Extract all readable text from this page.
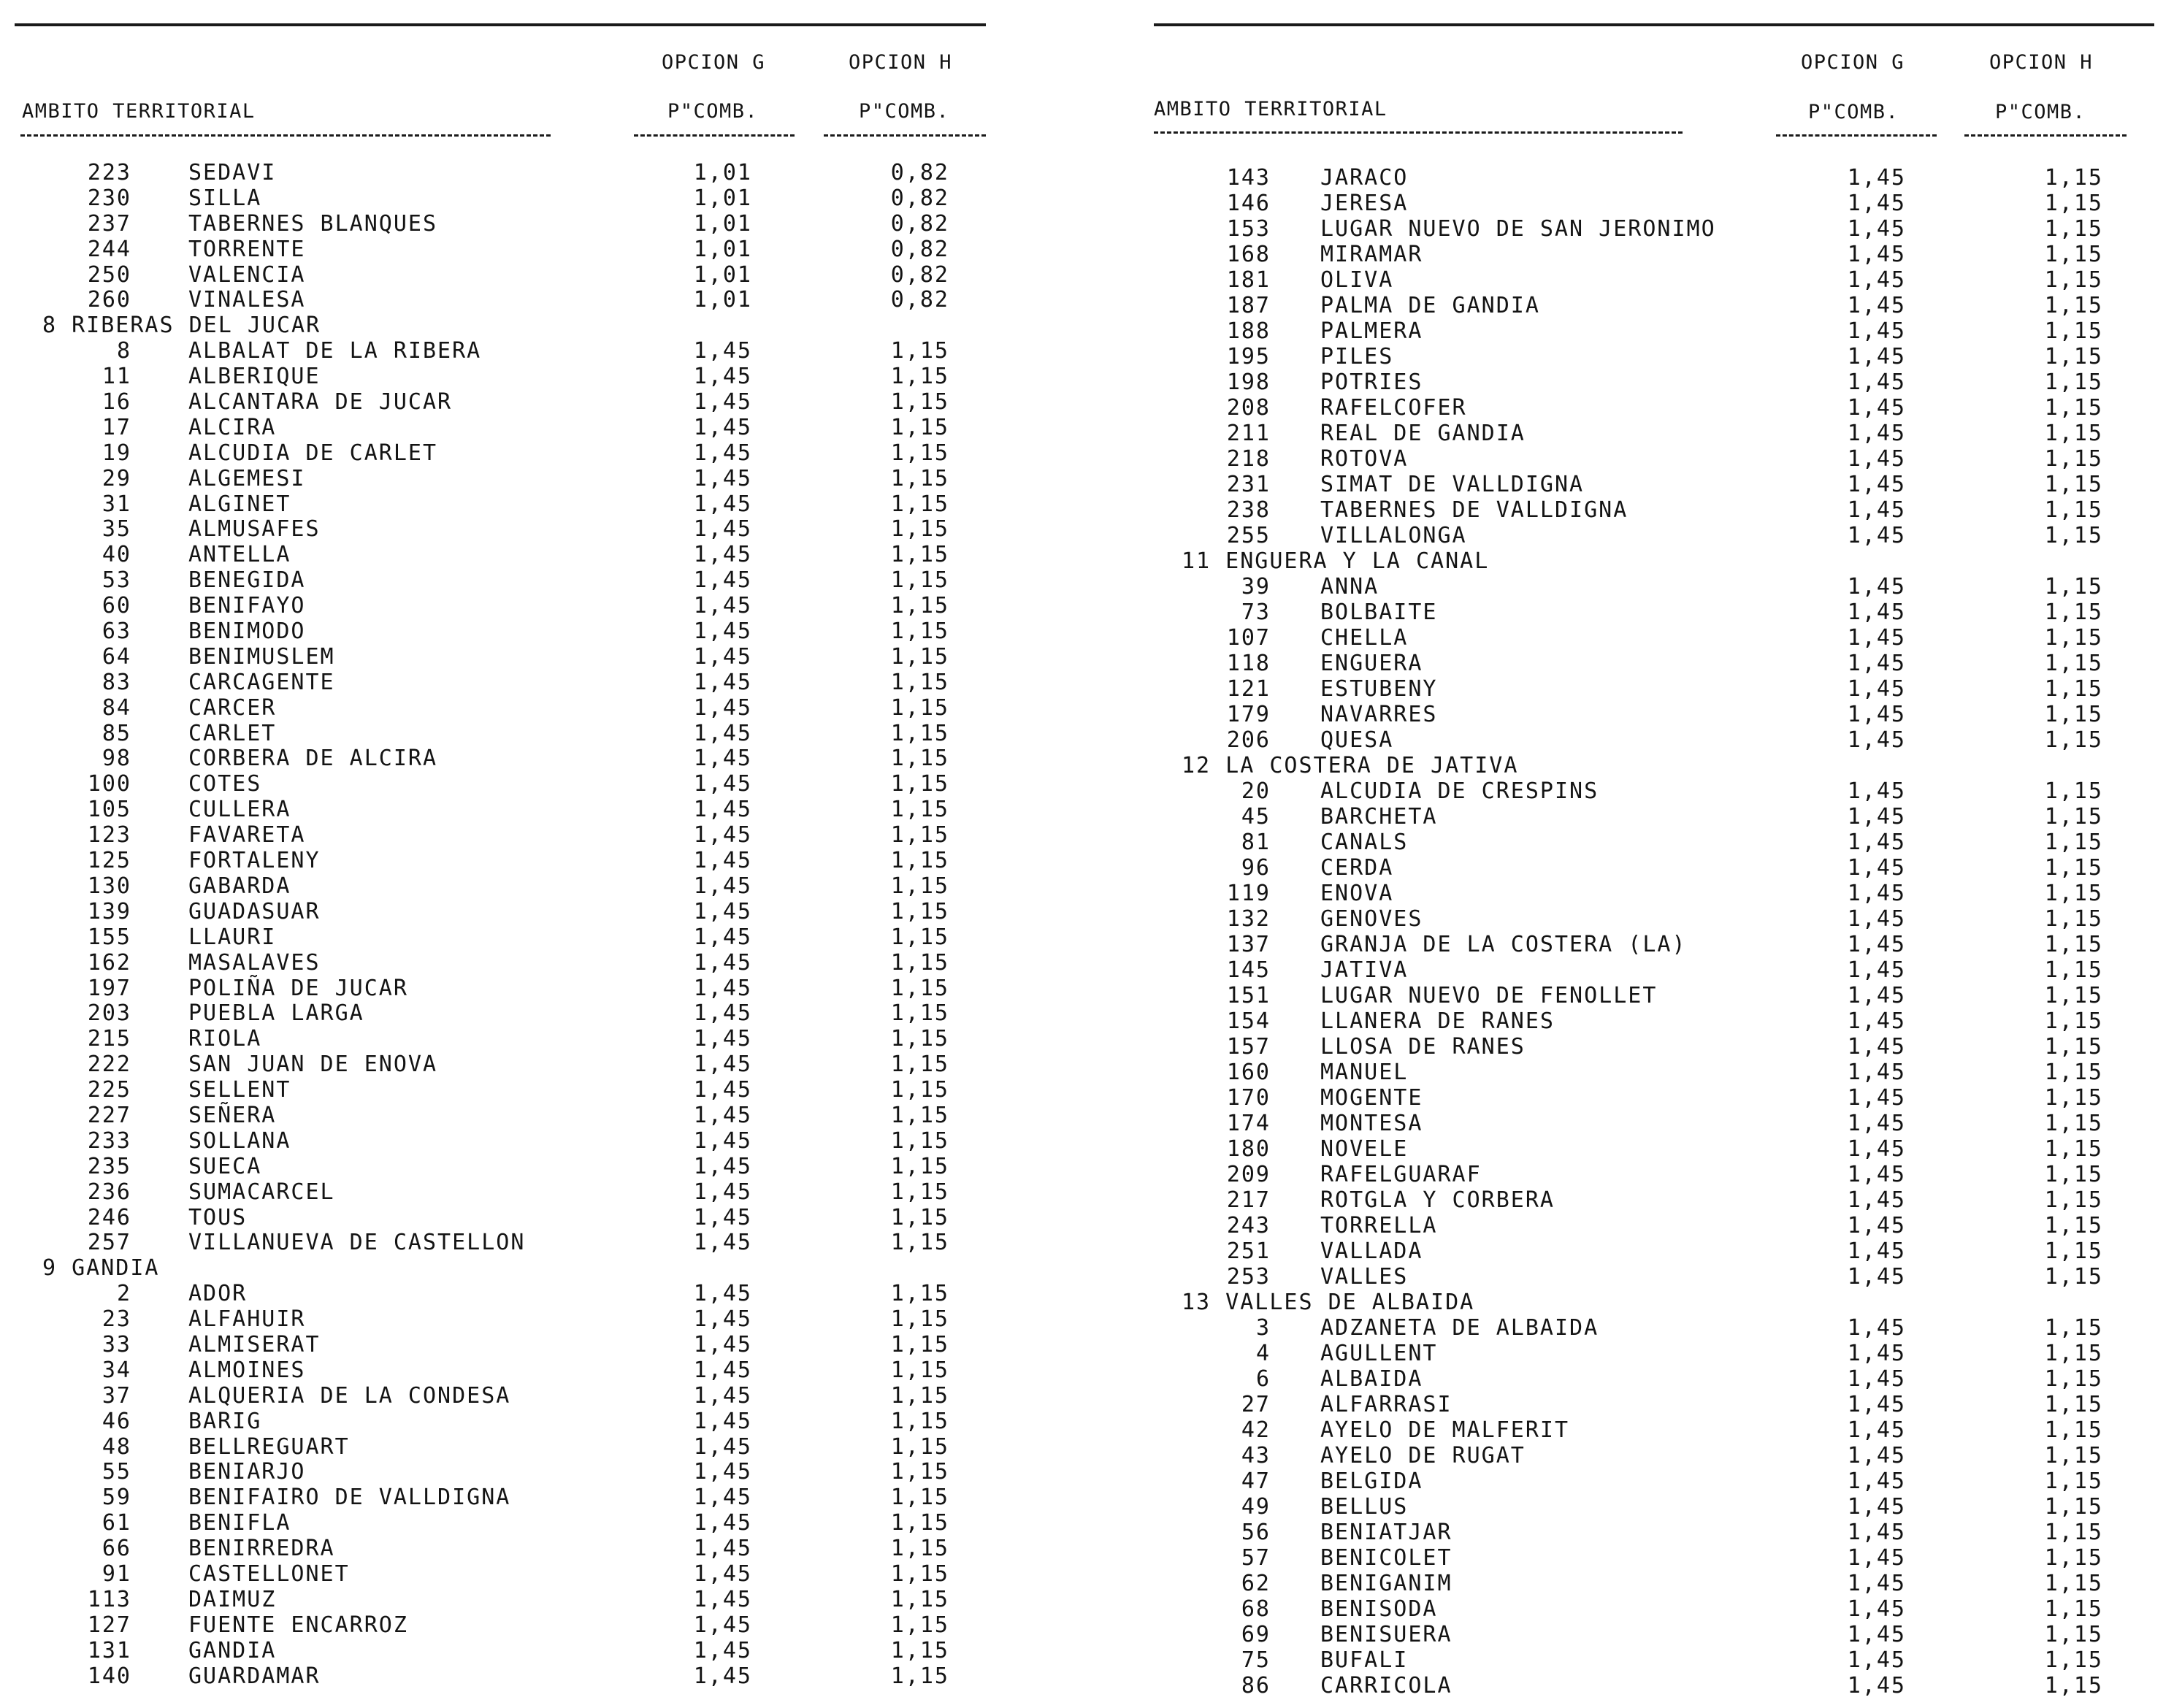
OPCION G	OPCION H
AMBITO TERRITORIAL	P"COMB.	P"COMB.
223	SEDAVI	1,01	0,82
230	SILLA	1,01	0,82
237	TABERNES BLANQUES	1,01	0,82
244	TORRENTE	1,01	0,82
250	VALENCIA	1,01	0,82
260	VINALESA	1,01	0,82
8 RIBERAS DEL JUCAR
8	ALBALAT DE LA RIBERA	1,45	1,15
11	ALBERIQUE	1,45	1,15
16	ALCANTARA DE JUCAR	1,45	1,15
17	ALCIRA	1,45	1,15
19	ALCUDIA DE CARLET	1,45	1,15
29	ALGEMESI	1,45	1,15
31	ALGINET	1,45	1,15
35	ALMUSAFES	1,45	1,15
40	ANTELLA	1,45	1,15
53	BENEGIDA	1,45	1,15
60	BENIFAYO	1,45	1,15
63	BENIMODO	1,45	1,15
64	BENIMUSLEM	1,45	1,15
83	CARCAGENTE	1,45	1,15
84	CARCER	1,45	1,15
85	CARLET	1,45	1,15
98	CORBERA DE ALCIRA	1,45	1,15
100	COTES	1,45	1,15
105	CULLERA	1,45	1,15
123	FAVARETA	1,45	1,15
125	FORTALENY	1,45	1,15
130	GABARDA	1,45	1,15
139	GUADASUAR	1,45	1,15
155	LLAURI	1,45	1,15
162	MASALAVES	1,45	1,15
197	POLIÑA DE JUCAR	1,45	1,15
203	PUEBLA LARGA	1,45	1,15
215	RIOLA	1,45	1,15
222	SAN JUAN DE ENOVA	1,45	1,15
225	SELLENT	1,45	1,15
227	SEÑERA	1,45	1,15
233	SOLLANA	1,45	1,15
235	SUECA	1,45	1,15
236	SUMACARCEL	1,45	1,15
246	TOUS	1,45	1,15
257	VILLANUEVA DE CASTELLON	1,45	1,15
9 GANDIA
2	ADOR	1,45	1,15
23	ALFAHUIR	1,45	1,15
33	ALMISERAT	1,45	1,15
34	ALMOINES	1,45	1,15
37	ALQUERIA DE LA CONDESA	1,45	1,15
46	BARIG	1,45	1,15
48	BELLREGUART	1,45	1,15
55	BENIARJO	1,45	1,15
59	BENIFAIRO DE VALLDIGNA	1,45	1,15
61	BENIFLA	1,45	1,15
66	BENIRREDRA	1,45	1,15
91	CASTELLONET	1,45	1,15
113	DAIMUZ	1,45	1,15
127	FUENTE ENCARROZ	1,45	1,15
131	GANDIA	1,45	1,15
140	GUARDAMAR	1,45	1,15
OPCION G	OPCION H
AMBITO TERRITORIAL	P"COMB.	P"COMB.
143 JARACO	1,45	1,15
146 JERESA	1,45	1,15
153 LUGAR NUEVO DE SAN JERONIMO	1,45	1,15
168 MIRAMAR	1,45	1,15
181 OLIVA	1,45	1,15
187 PALMA DE GANDIA	1,45	1,15
188 PALMERA	1,45	1,15
195 PILES	1,45	1,15
198 POTRIES	1,45	1,15
208 RAFELCOFER	1,45	1,15
211 REAL DE GANDIA	1,45	1,15
218 ROTOVA	1,45	1,15
231 SIMAT DE VALLDIGNA	1,45	1,15
238 TABERNES DE VALLDIGNA	1,45	1,15
255 VILLALONGA	1,45	1,15
11 ENGUERA Y LA CANAL
39 ANNA	1,45	1,15
73 BOLBAITE	1,45	1,15
107 CHELLA	1,45	1,15
118 ENGUERA	1,45	1,15
121 ESTUBENY	1,45	1,15
179 NAVARRES	1,45	1,15
206 QUESA	1,45	1,15
12 LA COSTERA DE JATIVA
20 ALCUDIA DE CRESPINS	1,45	1,15
45 BARCHETA	1,45	1,15
81 CANALS	1,45	1,15
96 CERDA	1,45	1,15
119 ENOVA	1,45	1,15
132 GENOVES	1,45	1,15
137 GRANJA DE LA COSTERA (LA)	1,45	1,15
145 JATIVA	1,45	1,15
151 LUGAR NUEVO DE FENOLLET	1,45	1,15
154 LLANERA DE RANES	1,45	1,15
157 LLOSA DE RANES	1,45	1,15
160 MANUEL	1,45	1,15
170 MOGENTE	1,45	1,15
174 MONTESA	1,45	1,15
180 NOVELE	1,45	1,15
209 RAFELGUARAF	1,45	1,15
217 ROTGLA Y CORBERA	1,45	1,15
243 TORRELLA	1,45	1,15
251 VALLADA	1,45	1,15
253 VALLES	1,45	1,15
13 VALLES DE ALBAIDA
3 ADZANETA DE ALBAIDA	1,45	1,15
4 AGULLENT	1,45	1,15
6 ALBAIDA	1,45	1,15
27 ALFARRASI	1,45	1,15
42 AYELO DE MALFERIT	1,45	1,15
43 AYELO DE RUGAT	1,45	1,15
47 BELGIDA	1,45	1,15
49 BELLUS	1,45	1,15
56 BENIATJAR	1,45	1,15
57 BENICOLET	1,45	1,15
62 BENIGANIM	1,45	1,15
68 BENISODA	1,45	1,15
69 BENISUERA	1,45	1,15
75 BUFALI	1,45	1,15
86 CARRICOLA	1,45	1,15
